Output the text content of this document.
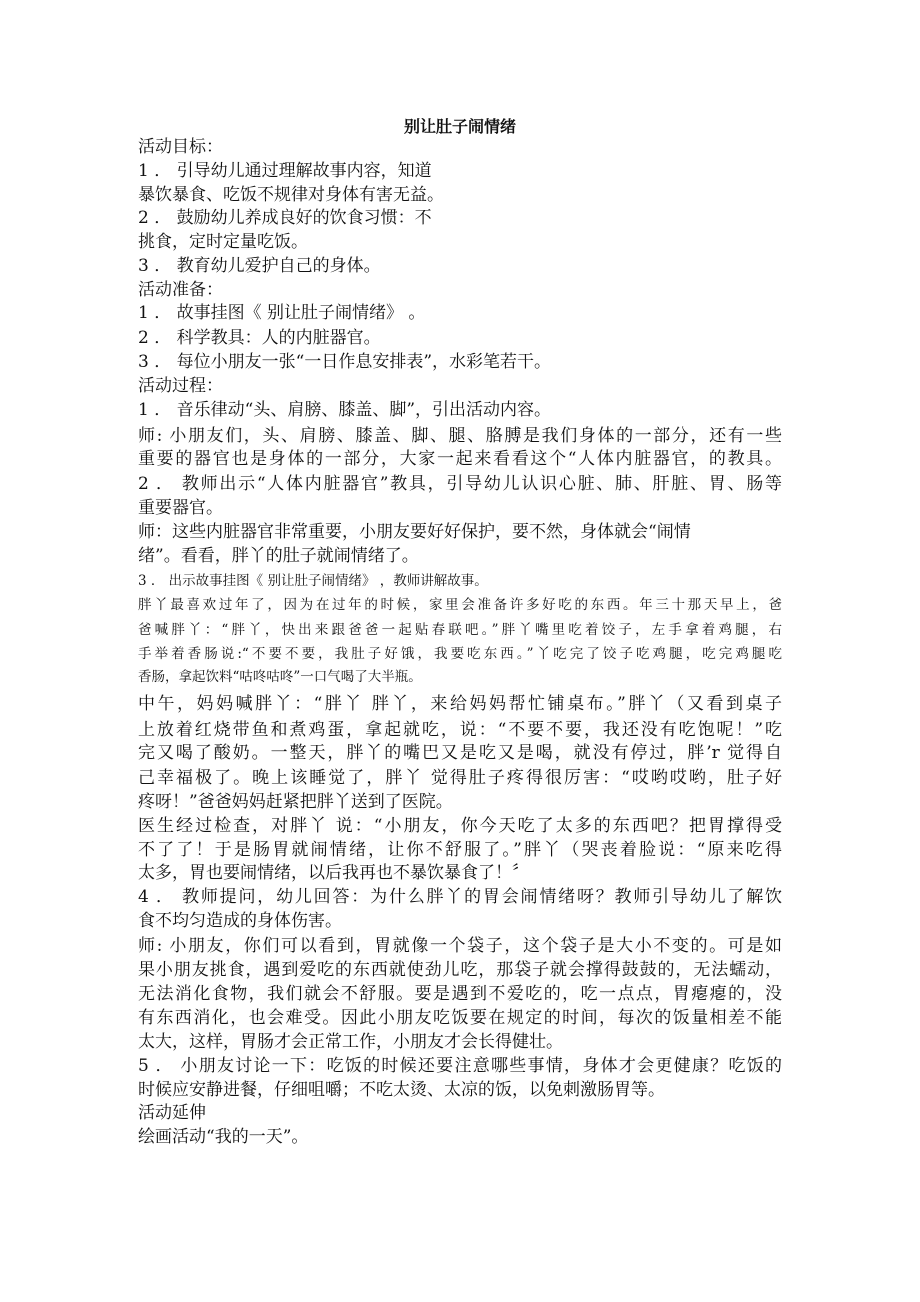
别让肚子闹情绪
活动目标：
1 ． 引导幼儿通过理解故事内容，知道
暴饮暴食、吃饭不规律对身体有害无益。
2 ． 鼓励幼儿养成良好的饮食习惯：不
挑食，定时定量吃饭。
3 ． 教育幼儿爱护自己的身体。
活动准备：
1 ． 故事挂图《 别让肚子闹情绪》 。
2 ． 科学教具：人的内脏器官。
3 ． 每位小朋友一张“一日作息安排表”，水彩笔若干。
活动过程：
1 ． 音乐律动“头、肩膀、膝盖、脚”，引出活动内容。
师: 小朋友们，头、肩膀、膝盖、脚、腿、胳膊是我们身体的一部分，还有一些
重要的器官也是身体的一部分，大家一起来看看这个“人体内脏器官，的教具。
2 ． 教师出示“人体内脏器官”教具，引导幼儿认识心脏、肺、肝脏、胃、肠等
重要器官。
师：这些内脏器官非常重要，小朋友要好好保护，要不然，身体就会“闹情
绪”。看看，胖丫的肚子就闹情绪了。
3 ． 出示故事挂图《 别让肚子闹情绪》 ，教师讲解故事。
胖丫最喜欢过年了，因为在过年的时候，家里会准备许多好吃的东西。年三十那天早上，爸
爸喊胖丫：“胖丫，快出来跟爸爸一起贴春联吧。”胖丫嘴里吃着饺子，左手拿着鸡腿，右
手举着香肠说:“不要不要，我肚子好饿，我要吃东西。”丫吃完了饺子吃鸡腿，吃完鸡腿吃
香肠，拿起饮料“咕咚咕咚”一口气喝了大半瓶。
中午，妈妈喊胖丫：“胖丫 胖丫，来给妈妈帮忙铺桌布。”胖丫（又看到桌子
上放着红烧带鱼和煮鸡蛋，拿起就吃，说：“不要不要，我还没有吃饱呢！”吃
完又喝了酸奶。一整天，胖丫的嘴巴又是吃又是喝，就没有停过，胖’r 觉得自
己幸福极了。晚上该睡觉了，胖丫 觉得肚子疼得很厉害：“哎哟哎哟，肚子好
疼呀！”爸爸妈妈赶紧把胖丫送到了医院。
医生经过检查，对胖丫 说：“小朋友，你今天吃了太多的东西吧？把胃撑得受
不了了！于是肠胃就闹情绪，让你不舒服了。”胖丫（哭丧着脸说：“原来吃得
太多，胃也要闹情绪，以后我再也不暴饮暴食了！〞
4 ． 教师提问，幼儿回答：为什么胖丫的胃会闹情绪呀？教师引导幼儿了解饮
食不均匀造成的身体伤害。
师: 小朋友，你们可以看到，胃就像一个袋子，这个袋子是大小不变的。可是如
果小朋友挑食，遇到爱吃的东西就使劲儿吃，那袋子就会撑得鼓鼓的，无法蠕动，
无法消化食物，我们就会不舒服。要是遇到不爱吃的，吃一点点，胃瘪瘪的，没
有东西消化，也会难受。因此小朋友吃饭要在规定的时间，每次的饭量相差不能
太大，这样，胃肠才会正常工作，小朋友才会长得健壮。
5 ． 小朋友讨论一下：吃饭的时候还要注意哪些事情，身体才会更健康？吃饭的
时候应安静进餐，仔细咀嚼；不吃太烫、太凉的饭，以免刺激肠胃等。
活动延伸
绘画活动“我的一天”。
